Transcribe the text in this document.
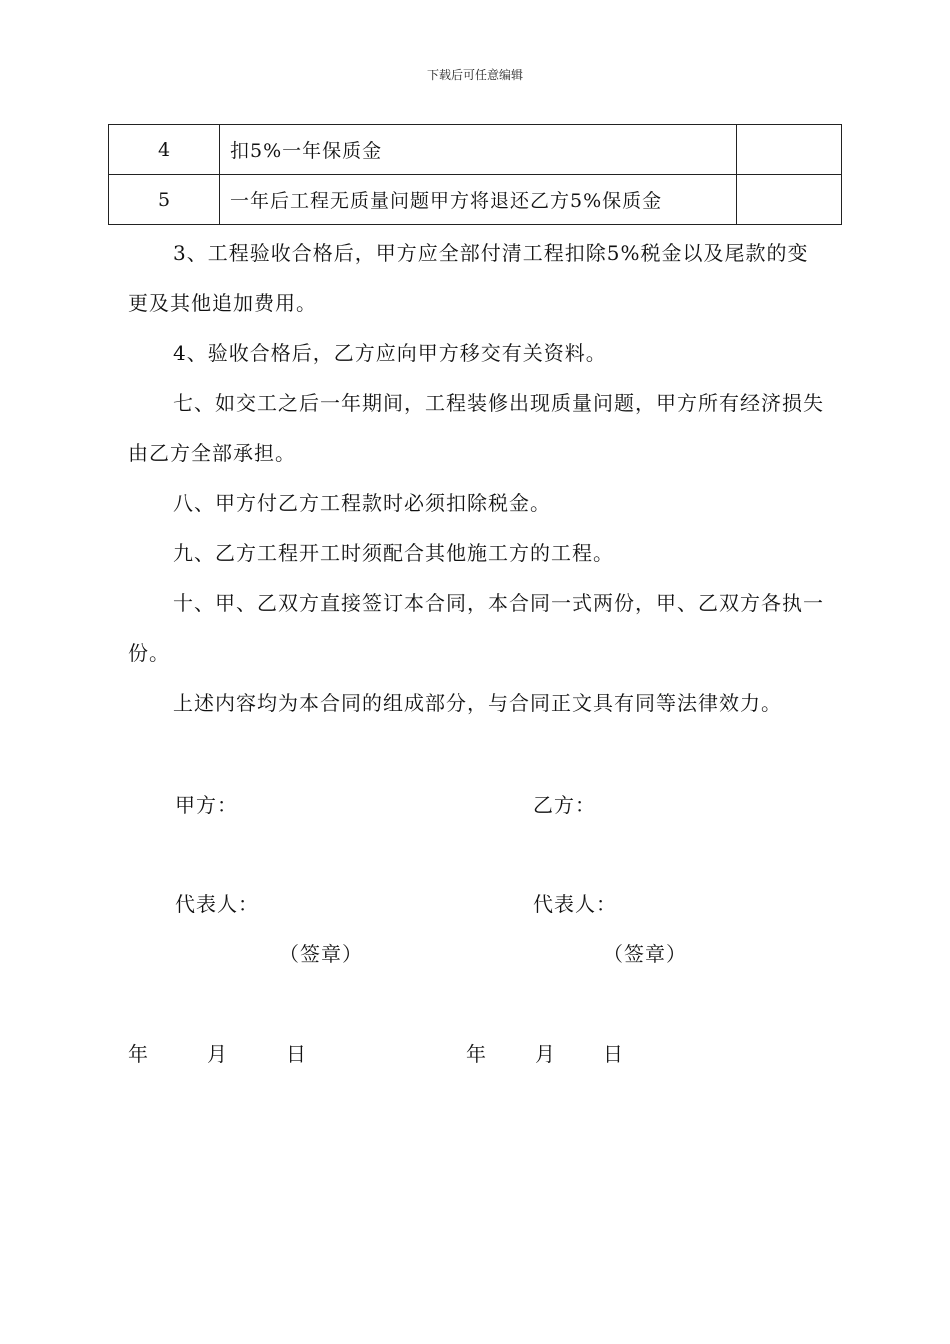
下载后可任意编辑
4	扣5%一年保质金	
5	一年后工程无质量问题甲方将退还乙方5%保质金	

3、工程验收合格后，甲方应全部付清工程扣除5%税金以及尾款的变更及其他追加费用。

4、验收合格后，乙方应向甲方移交有关资料。

七、如交工之后一年期间，工程装修出现质量问题，甲方所有经济损失由乙方全部承担。

八、甲方付乙方工程款时必须扣除税金。

九、乙方工程开工时须配合其他施工方的工程。

十、甲、乙双方直接签订本合同，本合同一式两份，甲、乙双方各执一份。

上述内容均为本合同的组成部分，与合同正文具有同等法律效力。

甲方：	乙方：
代表人：	代表人：
（签章）	（签章）
年	月	日	年 月 日
